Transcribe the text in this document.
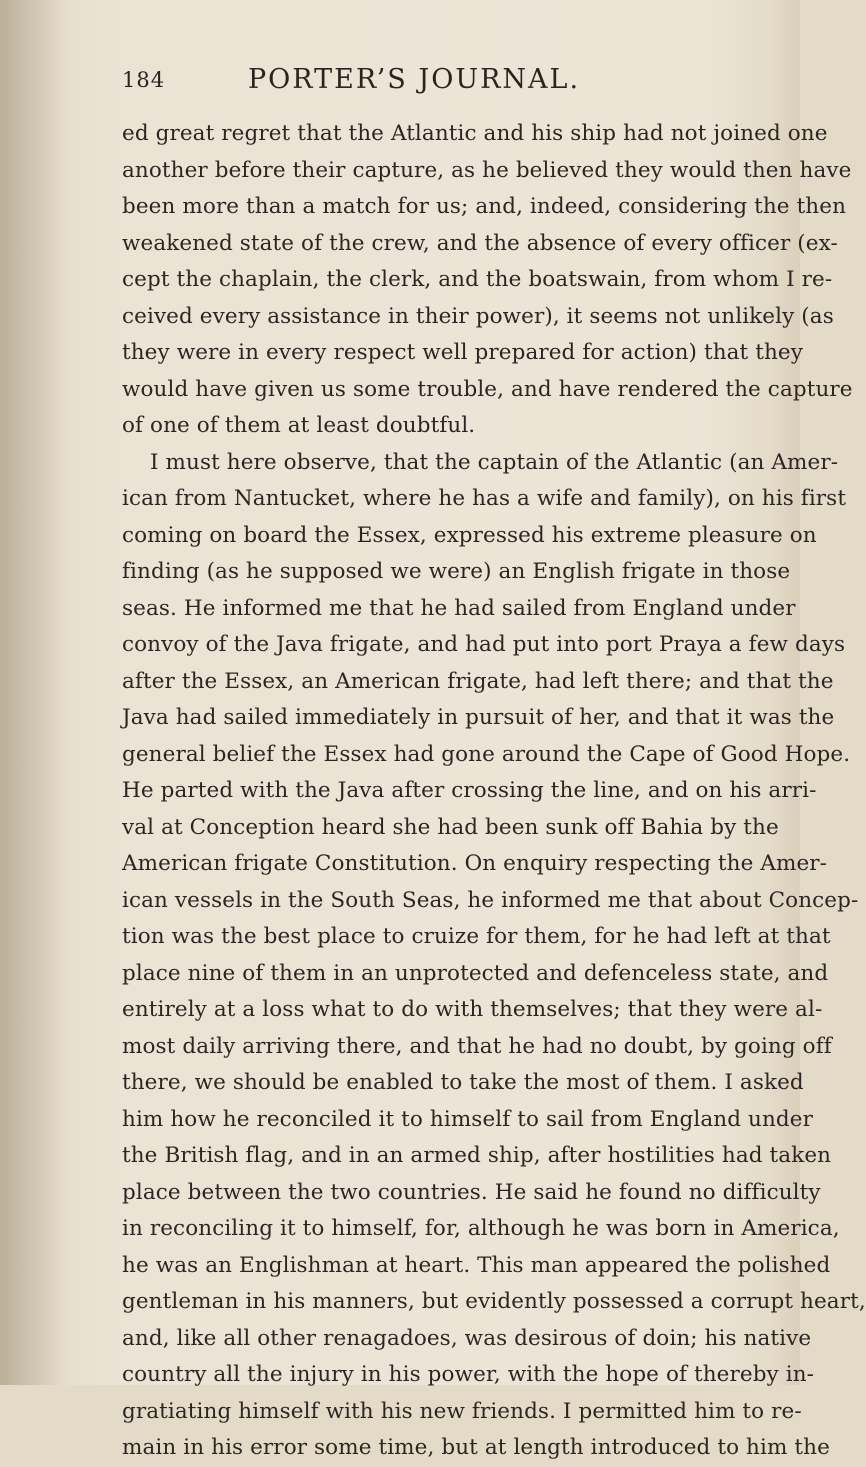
184	PORTER’S JOURNAL.
ed great regret that the Atlantic and his ship had not joined one
another before their capture, as he believed they would then have
been more than a match for us; and, indeed, considering the then
weakened state of the crew, and the absence of every officer (ex-
cept the chaplain, the clerk, and the boatswain, from whom I re-
ceived every assistance in their power), it seems not unlikely (as
they were in every respect well prepared for action) that they
would have given us some trouble, and have rendered the capture
of one of them at least doubtful.
I must here observe, that the captain of the Atlantic (an Amer-
ican from Nantucket, where he has a wife and family), on his first
coming on board the Essex, expressed his extreme pleasure on
finding (as he supposed we were) an English frigate in those
seas. He informed me that he had sailed from England under
convoy of the Java frigate, and had put into port Praya a few days
after the Essex, an American frigate, had left there; and that the
Java had sailed immediately in pursuit of her, and that it was the
general belief the Essex had gone around the Cape of Good Hope.
He parted with the Java after crossing the line, and on his arri-
val at Conception heard she had been sunk off Bahia by the
American frigate Constitution. On enquiry respecting the Amer-
ican vessels in the South Seas, he informed me that about Concep-
tion was the best place to cruize for them, for he had left at that
place nine of them in an unprotected and defenceless state, and
entirely at a loss what to do with themselves; that they were al-
most daily arriving there, and that he had no doubt, by going off
there, we should be enabled to take the most of them. I asked
him how he reconciled it to himself to sail from England under
the British flag, and in an armed ship, after hostilities had taken
place between the two countries. He said he found no difficulty
in reconciling it to himself, for, although he was born in America,
he was an Englishman at heart. This man appeared the polished
gentleman in his manners, but evidently possessed a corrupt heart,
and, like all other renagadoes, was desirous of doin; his native
country all the injury in his power, with the hope of thereby in-
gratiating himself with his new friends. I permitted him to re-
main in his error some time, but at length introduced to him the
